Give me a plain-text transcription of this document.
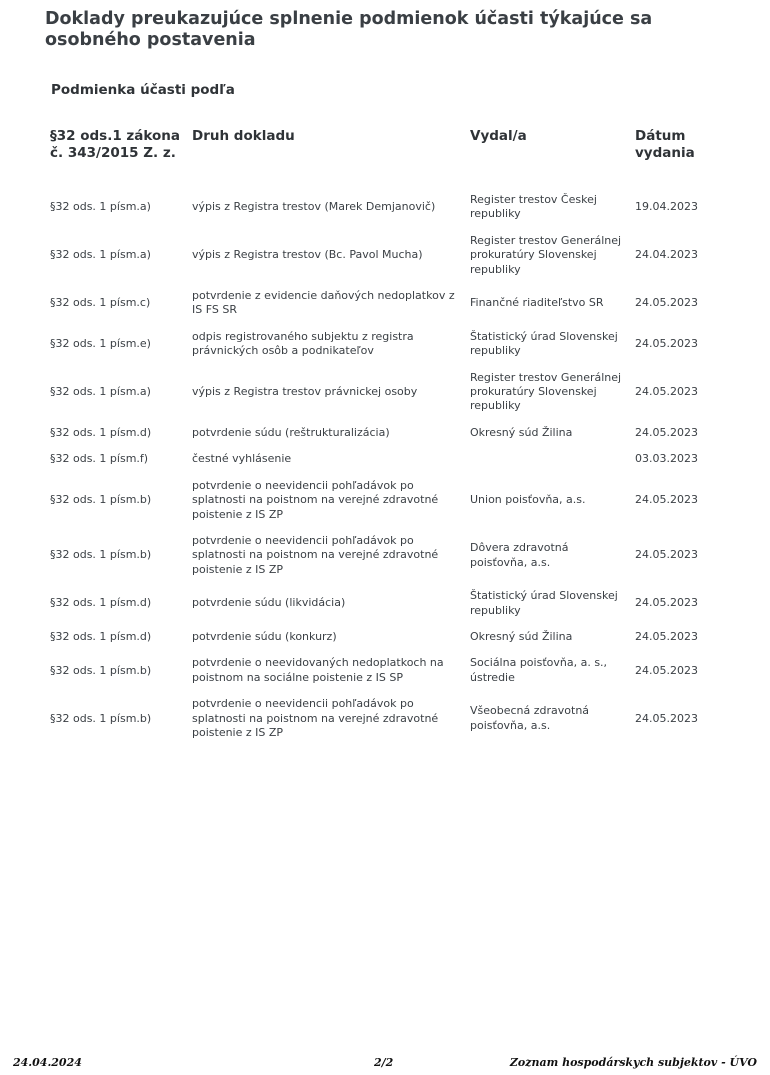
Doklady preukazujúce splnenie podmienok účasti týkajúce sa osobného postavenia
Podmienka účasti podľa
§32 ods.1 zákona č. 343/2015 Z. z.	Druh dokladu	Vydal/a	Dátum vydania
§32 ods. 1 písm.a)	výpis z Registra trestov (Marek Demjanovič)	Register trestov Českej republiky	19.04.2023
§32 ods. 1 písm.a)	výpis z Registra trestov (Bc. Pavol Mucha)	Register trestov Generálnej prokuratúry Slovenskej republiky	24.04.2023
§32 ods. 1 písm.c)	potvrdenie z evidencie daňových nedoplatkov z IS FS SR	Finančné riaditeľstvo SR	24.05.2023
§32 ods. 1 písm.e)	odpis registrovaného subjektu z registra právnických osôb a podnikateľov	Štatistický úrad Slovenskej republiky	24.05.2023
§32 ods. 1 písm.a)	výpis z Registra trestov právnickej osoby	Register trestov Generálnej prokuratúry Slovenskej republiky	24.05.2023
§32 ods. 1 písm.d)	potvrdenie súdu (reštrukturalizácia)	Okresný súd Žilina	24.05.2023
§32 ods. 1 písm.f)	čestné vyhlásenie		03.03.2023
§32 ods. 1 písm.b)	potvrdenie o neevidencii pohľadávok po splatnosti na poistnom na verejné zdravotné poistenie z IS ZP	Union poisťovňa, a.s.	24.05.2023
§32 ods. 1 písm.b)	potvrdenie o neevidencii pohľadávok po splatnosti na poistnom na verejné zdravotné poistenie z IS ZP	Dôvera zdravotná poisťovňa, a.s.	24.05.2023
§32 ods. 1 písm.d)	potvrdenie súdu (likvidácia)	Štatistický úrad Slovenskej republiky	24.05.2023
§32 ods. 1 písm.d)	potvrdenie súdu (konkurz)	Okresný súd Žilina	24.05.2023
§32 ods. 1 písm.b)	potvrdenie o neevidovaných nedoplatkoch na poistnom na sociálne poistenie z IS SP	Sociálna poisťovňa, a. s., ústredie	24.05.2023
§32 ods. 1 písm.b)	potvrdenie o neevidencii pohľadávok po splatnosti na poistnom na verejné zdravotné poistenie z IS ZP	Všeobecná zdravotná poisťovňa, a.s.	24.05.2023
24.04.2024	2/2	Zoznam hospodárskych subjektov - ÚVO
